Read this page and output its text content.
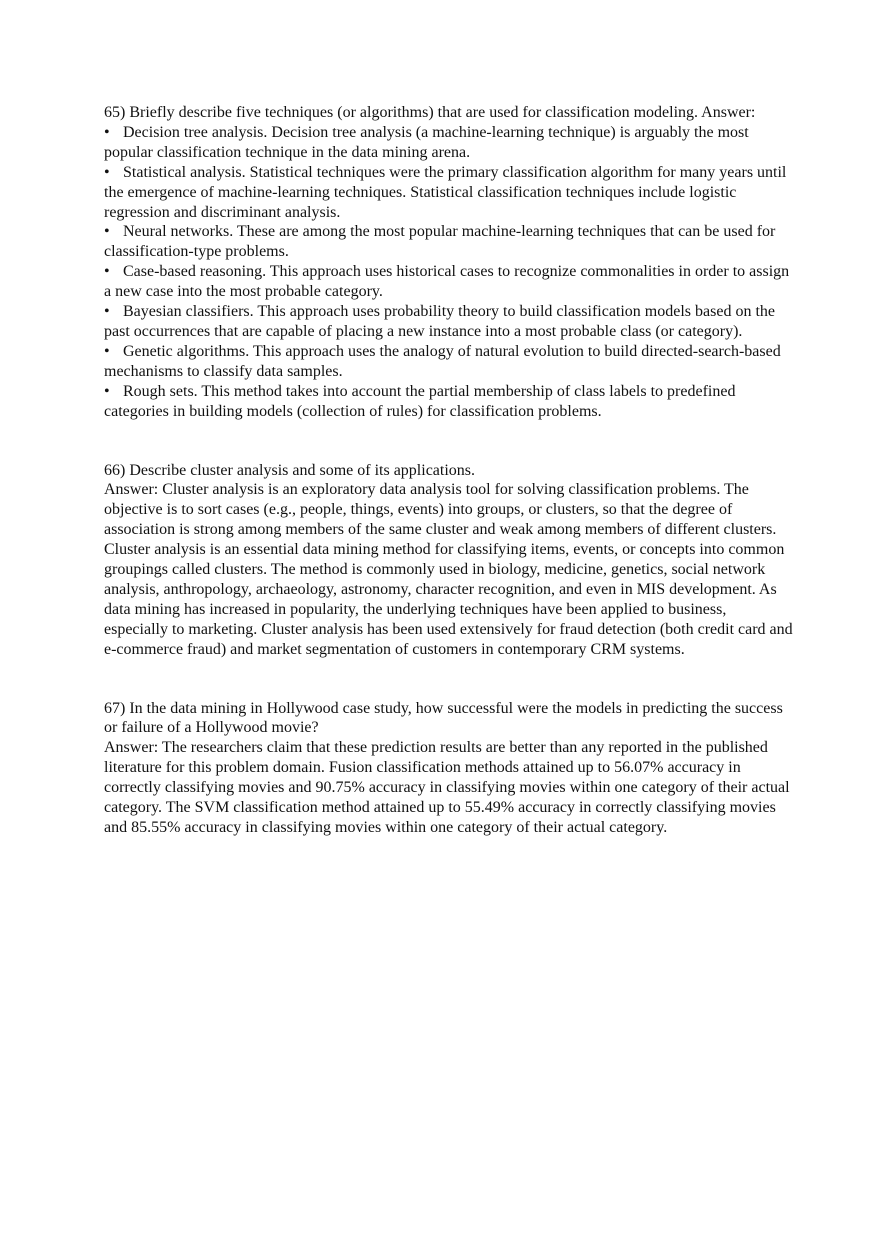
65) Briefly describe five techniques (or algorithms) that are used for classification modeling. Answer:

• Decision tree analysis. Decision tree analysis (a machine-learning technique) is arguably the most popular classification technique in the data mining arena.

• Statistical analysis. Statistical techniques were the primary classification algorithm for many years until the emergence of machine-learning techniques. Statistical classification techniques include logistic regression and discriminant analysis.

• Neural networks. These are among the most popular machine-learning techniques that can be used for classification-type problems.

• Case-based reasoning. This approach uses historical cases to recognize commonalities in order to assign a new case into the most probable category.

• Bayesian classifiers. This approach uses probability theory to build classification models based on the past occurrences that are capable of placing a new instance into a most probable class (or category).

• Genetic algorithms. This approach uses the analogy of natural evolution to build directed-search-based mechanisms to classify data samples.

• Rough sets. This method takes into account the partial membership of class labels to predefined categories in building models (collection of rules) for classification problems.

66) Describe cluster analysis and some of its applications.

Answer: Cluster analysis is an exploratory data analysis tool for solving classification problems. The objective is to sort cases (e.g., people, things, events) into groups, or clusters, so that the degree of association is strong among members of the same cluster and weak among members of different clusters. Cluster analysis is an essential data mining method for classifying items, events, or concepts into common groupings called clusters. The method is commonly used in biology, medicine, genetics, social network analysis, anthropology, archaeology, astronomy, character recognition, and even in MIS development. As data mining has increased in popularity, the underlying techniques have been applied to business, especially to marketing. Cluster analysis has been used extensively for fraud detection (both credit card and e-commerce fraud) and market segmentation of customers in contemporary CRM systems.

67) In the data mining in Hollywood case study, how successful were the models in predicting the success or failure of a Hollywood movie?

Answer: The researchers claim that these prediction results are better than any reported in the published literature for this problem domain. Fusion classification methods attained up to 56.07% accuracy in correctly classifying movies and 90.75% accuracy in classifying movies within one category of their actual category. The SVM classification method attained up to 55.49% accuracy in correctly classifying movies and 85.55% accuracy in classifying movies within one category of their actual category.
